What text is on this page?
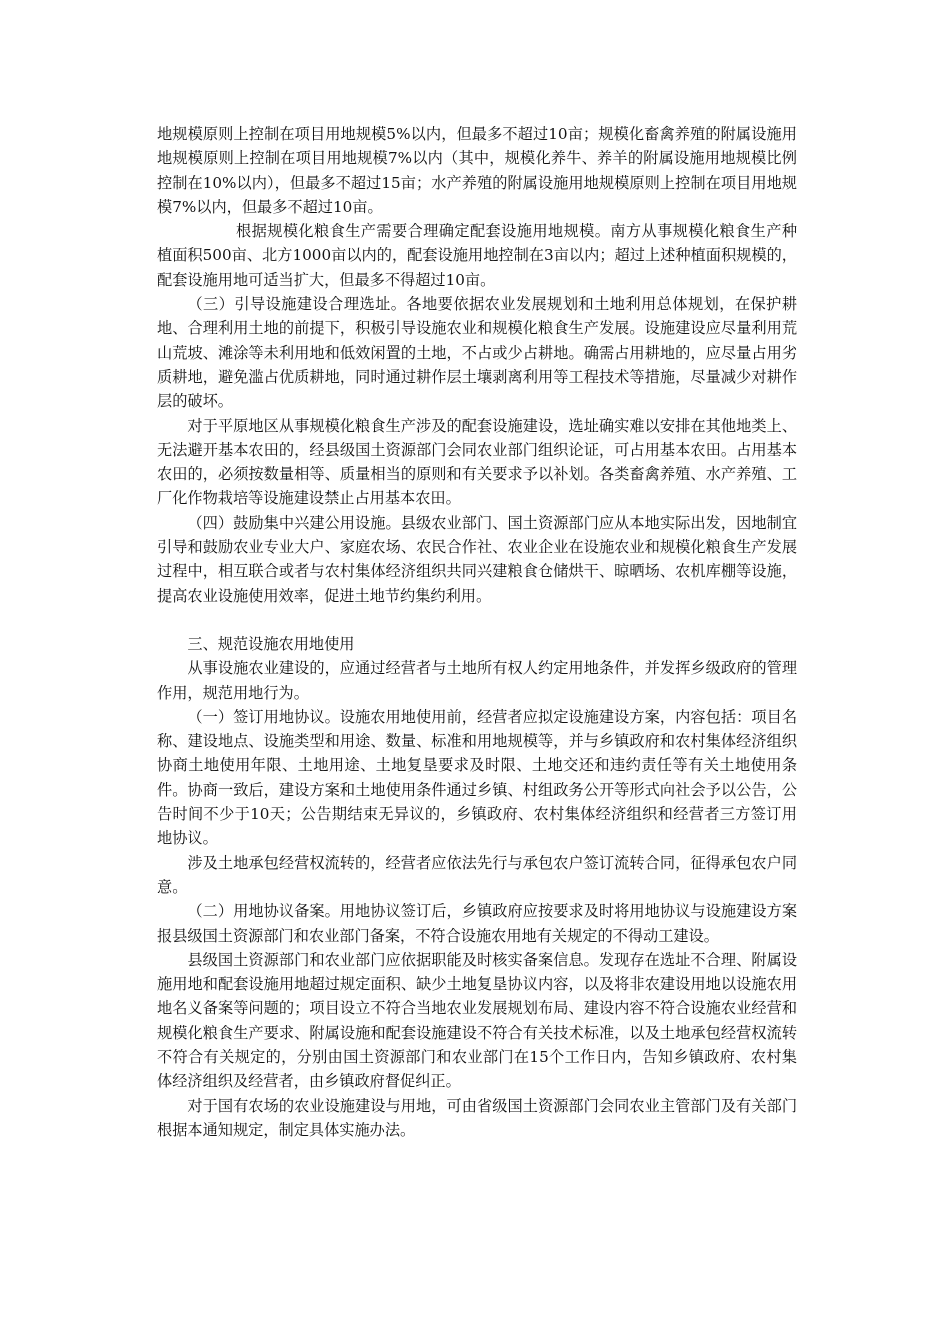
地规模原则上控制在项目用地规模5%以内，但最多不超过10亩；规模化畜禽养殖的附属设施用地规模原则上控制在项目用地规模7%以内（其中，规模化养牛、养羊的附属设施用地规模比例控制在10%以内），但最多不超过15亩；水产养殖的附属设施用地规模原则上控制在项目用地规模7%以内，但最多不超过10亩。

根据规模化粮食生产需要合理确定配套设施用地规模。南方从事规模化粮食生产种植面积500亩、北方1000亩以内的，配套设施用地控制在3亩以内；超过上述种植面积规模的，配套设施用地可适当扩大，但最多不得超过10亩。

（三）引导设施建设合理选址。各地要依据农业发展规划和土地利用总体规划，在保护耕地、合理利用土地的前提下，积极引导设施农业和规模化粮食生产发展。设施建设应尽量利用荒山荒坡、滩涂等未利用地和低效闲置的土地，不占或少占耕地。确需占用耕地的，应尽量占用劣质耕地，避免滥占优质耕地，同时通过耕作层土壤剥离利用等工程技术等措施，尽量减少对耕作层的破坏。

对于平原地区从事规模化粮食生产涉及的配套设施建设，选址确实难以安排在其他地类上、无法避开基本农田的，经县级国土资源部门会同农业部门组织论证，可占用基本农田。占用基本农田的，必须按数量相等、质量相当的原则和有关要求予以补划。各类畜禽养殖、水产养殖、工厂化作物栽培等设施建设禁止占用基本农田。

（四）鼓励集中兴建公用设施。县级农业部门、国土资源部门应从本地实际出发，因地制宜引导和鼓励农业专业大户、家庭农场、农民合作社、农业企业在设施农业和规模化粮食生产发展过程中，相互联合或者与农村集体经济组织共同兴建粮食仓储烘干、晾晒场、农机库棚等设施，提高农业设施使用效率，促进土地节约集约利用。

三、规范设施农用地使用

从事设施农业建设的，应通过经营者与土地所有权人约定用地条件，并发挥乡级政府的管理作用，规范用地行为。

（一）签订用地协议。设施农用地使用前，经营者应拟定设施建设方案，内容包括：项目名称、建设地点、设施类型和用途、数量、标准和用地规模等，并与乡镇政府和农村集体经济组织协商土地使用年限、土地用途、土地复垦要求及时限、土地交还和违约责任等有关土地使用条件。协商一致后，建设方案和土地使用条件通过乡镇、村组政务公开等形式向社会予以公告，公告时间不少于10天；公告期结束无异议的，乡镇政府、农村集体经济组织和经营者三方签订用地协议。

涉及土地承包经营权流转的，经营者应依法先行与承包农户签订流转合同，征得承包农户同意。

（二）用地协议备案。用地协议签订后，乡镇政府应按要求及时将用地协议与设施建设方案报县级国土资源部门和农业部门备案，不符合设施农用地有关规定的不得动工建设。

县级国土资源部门和农业部门应依据职能及时核实备案信息。发现存在选址不合理、附属设施用地和配套设施用地超过规定面积、缺少土地复垦协议内容，以及将非农建设用地以设施农用地名义备案等问题的；项目设立不符合当地农业发展规划布局、建设内容不符合设施农业经营和规模化粮食生产要求、附属设施和配套设施建设不符合有关技术标准，以及土地承包经营权流转不符合有关规定的，分别由国土资源部门和农业部门在15个工作日内，告知乡镇政府、农村集体经济组织及经营者，由乡镇政府督促纠正。

对于国有农场的农业设施建设与用地，可由省级国土资源部门会同农业主管部门及有关部门根据本通知规定，制定具体实施办法。
